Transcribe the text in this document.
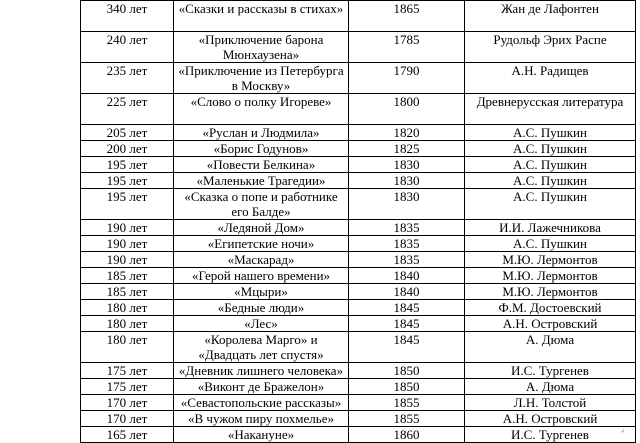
340 лет	«Сказки и рассказы в стихах»	1865	Жан де Лафонтен
240 лет	«Приключение барона Мюнхаузена»	1785	Рудольф Эрих Распе
235 лет	«Приключение из Петербурга в Москву»	1790	А.Н. Радищев
225 лет	«Слово о полку Игореве»	1800	Древнерусская литература
205 лет	«Руслан и Людмила»	1820	А.С. Пушкин
200 лет	«Борис Годунов»	1825	А.С. Пушкин
195 лет	«Повести Белкина»	1830	А.С. Пушкин
195 лет	«Маленькие Трагедии»	1830	А.С. Пушкин
195 лет	«Сказка о попе и работнике его Балде»	1830	А.С. Пушкин
190 лет	«Ледяной Дом»	1835	И.И. Лажечникова
190 лет	«Египетские ночи»	1835	А.С. Пушкин
190 лет	«Маскарад»	1835	М.Ю. Лермонтов
185 лет	«Герой нашего времени»	1840	М.Ю. Лермонтов
185 лет	«Мцыри»	1840	М.Ю. Лермонтов
180 лет	«Бедные люди»	1845	Ф.М. Достоевский
180 лет	«Лес»	1845	А.Н. Островский
180 лет	«Королева Марго» и «Двадцать лет спустя»	1845	А. Дюма
175 лет	«Дневник лишнего человека»	1850	И.С. Тургенев
175 лет	«Виконт де Бражелон»	1850	А. Дюма
170 лет	«Севастопольские рассказы»	1855	Л.Н. Толстой
170 лет	«В чужом пиру похмелье»	1855	А.Н. Островский
165 лет	«Накануне»	1860	И.С. Тургенев	↲
